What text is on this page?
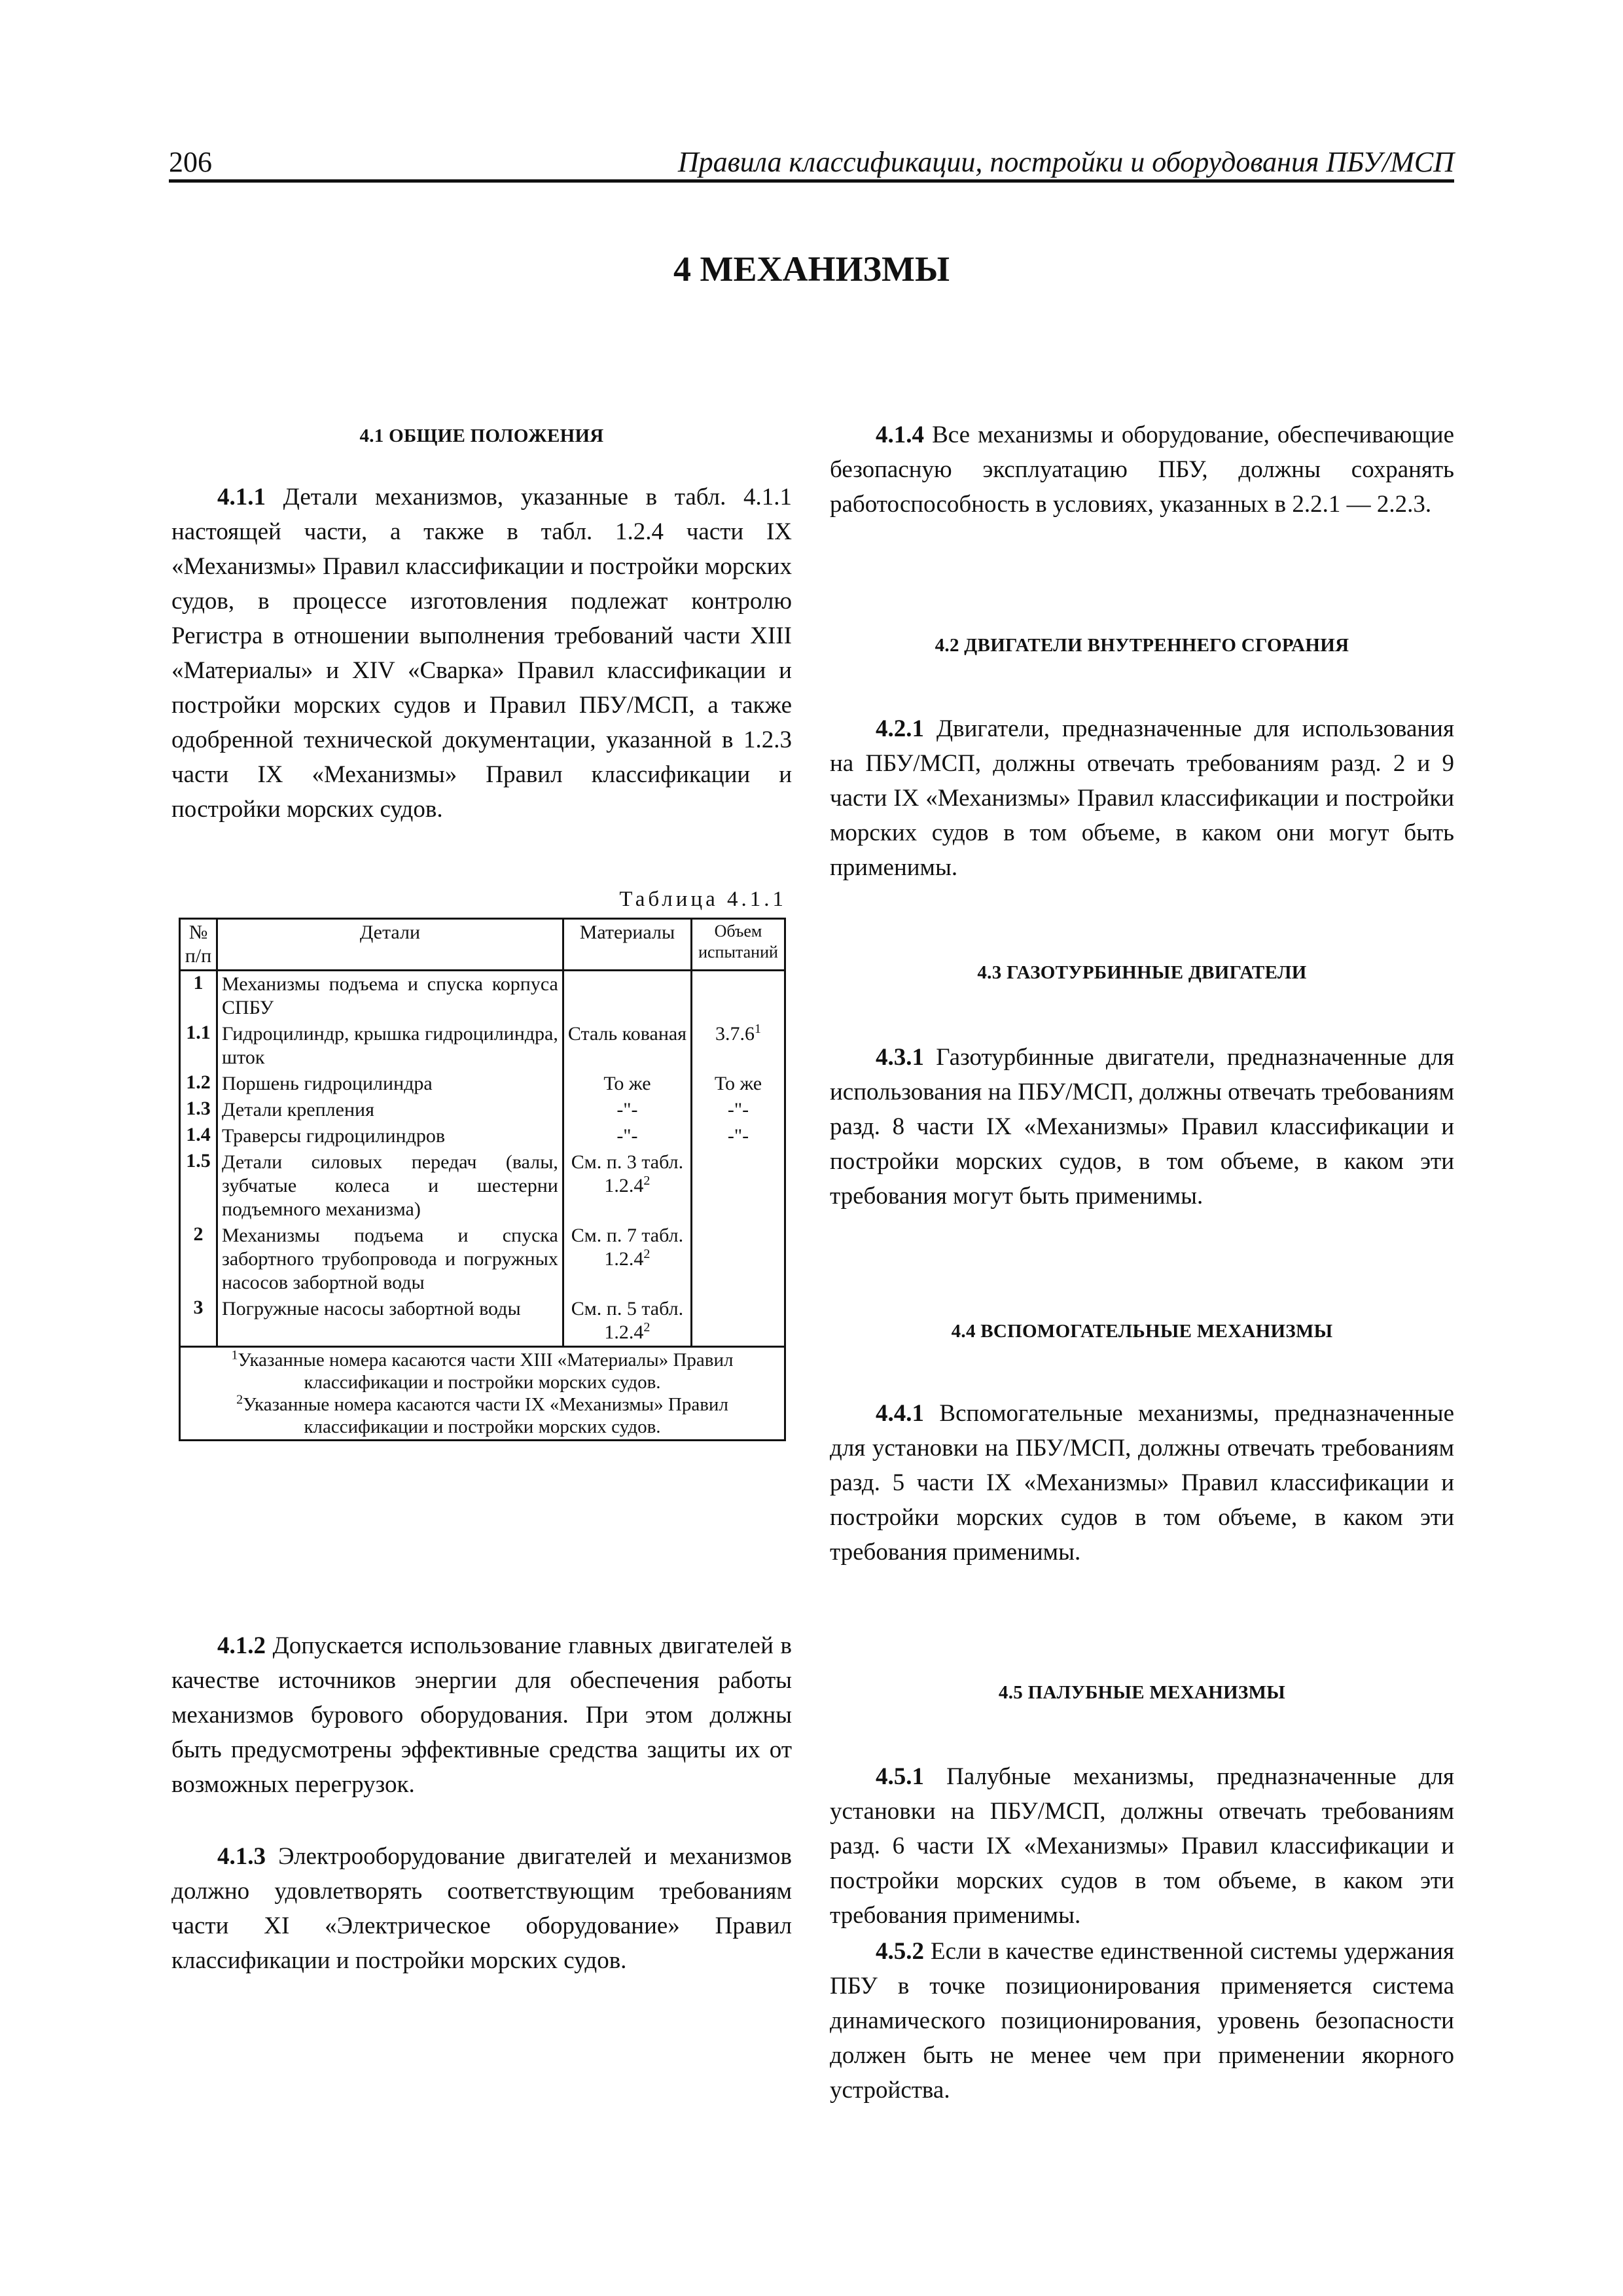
206	Правила классификации, постройки и оборудования ПБУ/МСП
4 МЕХАНИЗМЫ
4.1 ОБЩИЕ ПОЛОЖЕНИЯ

4.1.1 Детали механизмов, указанные в табл. 4.1.1 настоящей части, а также в табл. 1.2.4 части IX «Механизмы» Правил классификации и постройки морских судов, в процессе изготовления подлежат контролю Регистра в отношении выполнения требований части XIII «Материалы» и XIV «Сварка» Правил классификации и постройки морских судов и Правил ПБУ/МСП, а также одобренной технической документации, указанной в 1.2.3 части IX «Механизмы» Правил классификации и постройки морских судов.

Таблица 4.1.1
№ п/п	Детали	Материалы	Объем испытаний
1	Механизмы подъема и спуска корпуса СПБУ		
1.1	Гидроцилиндр, крышка гидроцилиндра, шток	Сталь кованая	3.7.6$^1$
1.2	Поршень гидроцилиндра	То же	То же
1.3	Детали крепления	-"-	-"-
1.4	Траверсы гидроцилиндров	-"-	-"-
1.5	Детали силовых передач (валы, зубчатые колеса и шестерни подъемного механизма)	См. п. 3 табл. 1.2.4$^2$	
2	Механизмы подъема и спуска забортного трубопровода и погружных насосов забортной воды	См. п. 7 табл. 1.2.4$^2$	
3	Погружные насосы забортной воды	См. п. 5 табл. 1.2.4$^2$	

$^1$Указанные номера касаются части XIII «Материалы» Правил классификации и постройки морских судов.
$^2$Указанные номера касаются части IX «Механизмы» Правил классификации и постройки морских судов.			

4.1.2 Допускается использование главных двигателей в качестве источников энергии для обеспечения работы механизмов бурового оборудования. При этом должны быть предусмотрены эффективные средства защиты их от возможных перегрузок.

4.1.3 Электрооборудование двигателей и механизмов должно удовлетворять соответствующим требованиям части XI «Электрическое оборудование» Правил классификации и постройки морских судов.

4.1.4 Все механизмы и оборудование, обеспечивающие безопасную эксплуатацию ПБУ, должны сохранять работоспособность в условиях, указанных в 2.2.1 — 2.2.3.

4.2 ДВИГАТЕЛИ ВНУТРЕННЕГО СГОРАНИЯ

4.2.1 Двигатели, предназначенные для использования на ПБУ/МСП, должны отвечать требованиям разд. 2 и 9 части IX «Механизмы» Правил классификации и постройки морских судов в том объеме, в каком они могут быть применимы.

4.3 ГАЗОТУРБИННЫЕ ДВИГАТЕЛИ

4.3.1 Газотурбинные двигатели, предназначенные для использования на ПБУ/МСП, должны отвечать требованиям разд. 8 части IX «Механизмы» Правил классификации и постройки морских судов, в том объеме, в каком эти требования могут быть применимы.

4.4 ВСПОМОГАТЕЛЬНЫЕ МЕХАНИЗМЫ

4.4.1 Вспомогательные механизмы, предназначенные для установки на ПБУ/МСП, должны отвечать требованиям разд. 5 части IX «Механизмы» Правил классификации и постройки морских судов в том объеме, в каком эти требования применимы.

4.5 ПАЛУБНЫЕ МЕХАНИЗМЫ

4.5.1 Палубные механизмы, предназначенные для установки на ПБУ/МСП, должны отвечать требованиям разд. 6 части IX «Механизмы» Правил классификации и постройки морских судов в том объеме, в каком эти требования применимы.

4.5.2 Если в качестве единственной системы удержания ПБУ в точке позиционирования применяется система динамического позиционирования, уровень безопасности должен быть не менее чем при применении якорного устройства.
